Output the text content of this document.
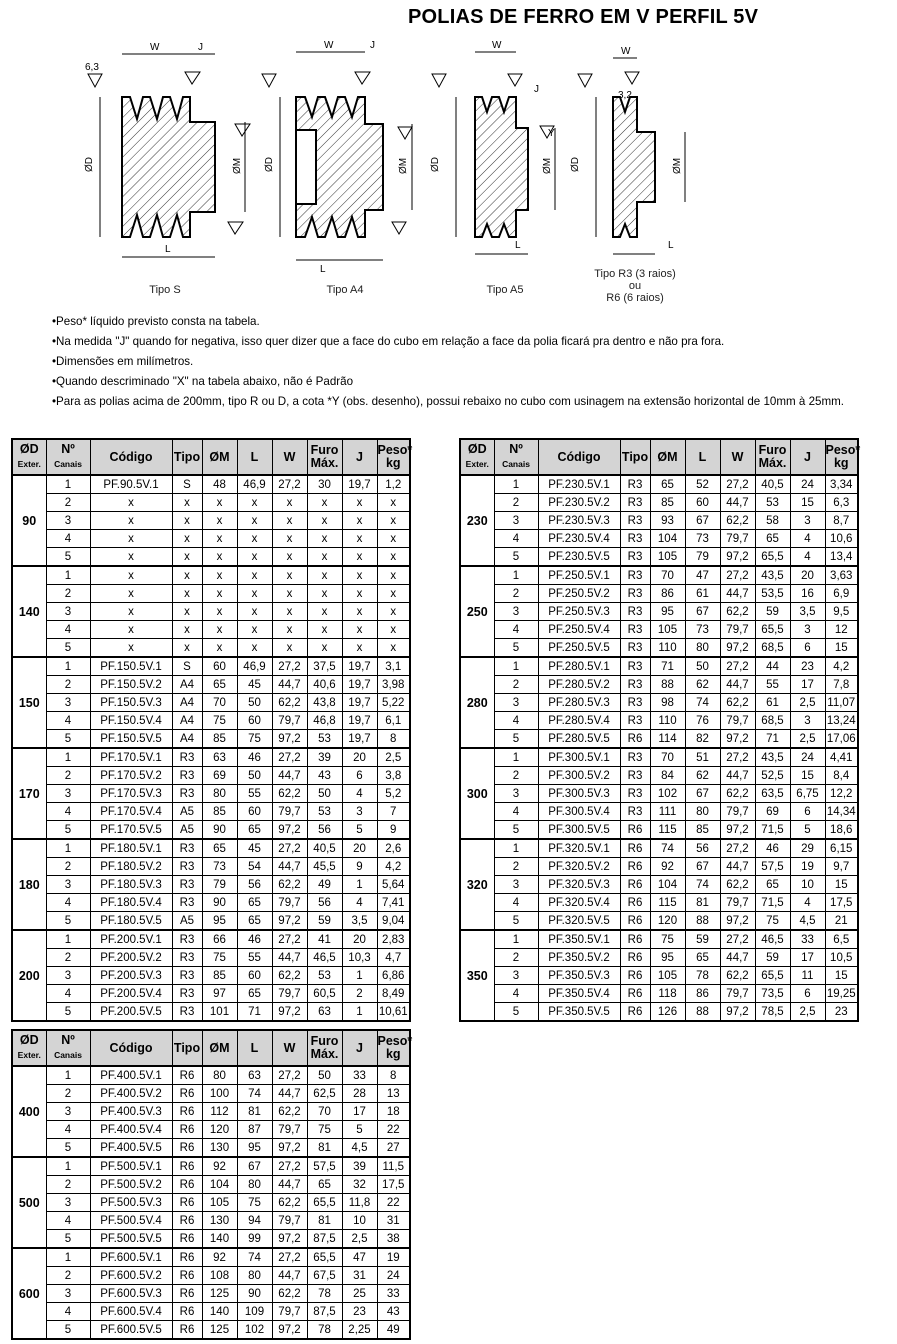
POLIAS DE FERRO EM V PERFIL 5V
W	J
ØD	ØM
L
6,3
W	J
ØD	ØM
L
W
J
Y
ØD	ØM
L
W
ØD	ØM
L
3,2
Tipo S	Tipo A4	Tipo A5
Tipo R3 (3 raios)
ou
R6 (6 raios)

•Peso* líquido previsto consta na tabela.

•Na medida "J" quando for negativa, isso quer dizer que a face do cubo em relação a face da polia ficará pra dentro e não pra fora.

•Dimensões em milímetros.

•Quando descriminado "X" na tabela abaixo, não é Padrão

•Para as polias acima de 200mm, tipo R ou D, a cota *Y (obs. desenho), possui rebaixo no cubo com usinagem na extensão horizontal de 10mm à 25mm.

ØD
Exter.	Nº
Canais	Código	Tipo	ØM	L	W	Furo
Máx.	J	Peso*
kg

90	1	PF.90.5V.1	S	48	46,9	27,2	30	19,7	1,2
	2	x	x	x	x	x	x	x	x
	3	x	x	x	x	x	x	x	x
	4	x	x	x	x	x	x	x	x
	5	x	x	x	x	x	x	x	x
140	1	x	x	x	x	x	x	x	x
	2	x	x	x	x	x	x	x	x
	3	x	x	x	x	x	x	x	x
	4	x	x	x	x	x	x	x	x
	5	x	x	x	x	x	x	x	x
150	1	PF.150.5V.1	S	60	46,9	27,2	37,5	19,7	3,1
	2	PF.150.5V.2	A4	65	45	44,7	40,6	19,7	3,98
	3	PF.150.5V.3	A4	70	50	62,2	43,8	19,7	5,22
	4	PF.150.5V.4	A4	75	60	79,7	46,8	19,7	6,1
	5	PF.150.5V.5	A4	85	75	97,2	53	19,7	8
170	1	PF.170.5V.1	R3	63	46	27,2	39	20	2,5
	2	PF.170.5V.2	R3	69	50	44,7	43	6	3,8
	3	PF.170.5V.3	R3	80	55	62,2	50	4	5,2
	4	PF.170.5V.4	A5	85	60	79,7	53	3	7
	5	PF.170.5V.5	A5	90	65	97,2	56	5	9
180	1	PF.180.5V.1	R3	65	45	27,2	40,5	20	2,6
	2	PF.180.5V.2	R3	73	54	44,7	45,5	9	4,2
	3	PF.180.5V.3	R3	79	56	62,2	49	1	5,64
	4	PF.180.5V.4	R3	90	65	79,7	56	4	7,41
	5	PF.180.5V.5	A5	95	65	97,2	59	3,5	9,04
200	1	PF.200.5V.1	R3	66	46	27,2	41	20	2,83
	2	PF.200.5V.2	R3	75	55	44,7	46,5	10,3	4,7
	3	PF.200.5V.3	R3	85	60	62,2	53	1	6,86
	4	PF.200.5V.4	R3	97	65	79,7	60,5	2	8,49
	5	PF.200.5V.5	R3	101	71	97,2	63	1	10,61
ØD
Exter.	Nº
Canais	Código	Tipo	ØM	L	W	Furo
Máx.	J	Peso*
kg

230	1	PF.230.5V.1	R3	65	52	27,2	40,5	24	3,34
	2	PF.230.5V.2	R3	85	60	44,7	53	15	6,3
	3	PF.230.5V.3	R3	93	67	62,2	58	3	8,7
	4	PF.230.5V.4	R3	104	73	79,7	65	4	10,6
	5	PF.230.5V.5	R3	105	79	97,2	65,5	4	13,4
250	1	PF.250.5V.1	R3	70	47	27,2	43,5	20	3,63
	2	PF.250.5V.2	R3	86	61	44,7	53,5	16	6,9
	3	PF.250.5V.3	R3	95	67	62,2	59	3,5	9,5
	4	PF.250.5V.4	R3	105	73	79,7	65,5	3	12
	5	PF.250.5V.5	R3	110	80	97,2	68,5	6	15
280	1	PF.280.5V.1	R3	71	50	27,2	44	23	4,2
	2	PF.280.5V.2	R3	88	62	44,7	55	17	7,8
	3	PF.280.5V.3	R3	98	74	62,2	61	2,5	11,07
	4	PF.280.5V.4	R3	110	76	79,7	68,5	3	13,24
	5	PF.280.5V.5	R6	114	82	97,2	71	2,5	17,06
300	1	PF.300.5V.1	R3	70	51	27,2	43,5	24	4,41
	2	PF.300.5V.2	R3	84	62	44,7	52,5	15	8,4
	3	PF.300.5V.3	R3	102	67	62,2	63,5	6,75	12,2
	4	PF.300.5V.4	R3	111	80	79,7	69	6	14,34
	5	PF.300.5V.5	R6	115	85	97,2	71,5	5	18,6
320	1	PF.320.5V.1	R6	74	56	27,2	46	29	6,15
	2	PF.320.5V.2	R6	92	67	44,7	57,5	19	9,7
	3	PF.320.5V.3	R6	104	74	62,2	65	10	15
	4	PF.320.5V.4	R6	115	81	79,7	71,5	4	17,5
	5	PF.320.5V.5	R6	120	88	97,2	75	4,5	21
350	1	PF.350.5V.1	R6	75	59	27,2	46,5	33	6,5
	2	PF.350.5V.2	R6	95	65	44,7	59	17	10,5
	3	PF.350.5V.3	R6	105	78	62,2	65,5	11	15
	4	PF.350.5V.4	R6	118	86	79,7	73,5	6	19,25
	5	PF.350.5V.5	R6	126	88	97,2	78,5	2,5	23
ØD
Exter.	Nº
Canais	Código	Tipo	ØM	L	W	Furo
Máx.	J	Peso*
kg

400	1	PF.400.5V.1	R6	80	63	27,2	50	33	8
	2	PF.400.5V.2	R6	100	74	44,7	62,5	28	13
	3	PF.400.5V.3	R6	112	81	62,2	70	17	18
	4	PF.400.5V.4	R6	120	87	79,7	75	5	22
	5	PF.400.5V.5	R6	130	95	97,2	81	4,5	27
500	1	PF.500.5V.1	R6	92	67	27,2	57,5	39	11,5
	2	PF.500.5V.2	R6	104	80	44,7	65	32	17,5
	3	PF.500.5V.3	R6	105	75	62,2	65,5	11,8	22
	4	PF.500.5V.4	R6	130	94	79,7	81	10	31
	5	PF.500.5V.5	R6	140	99	97,2	87,5	2,5	38
600	1	PF.600.5V.1	R6	92	74	27,2	65,5	47	19
	2	PF.600.5V.2	R6	108	80	44,7	67,5	31	24
	3	PF.600.5V.3	R6	125	90	62,2	78	25	33
	4	PF.600.5V.4	R6	140	109	79,7	87,5	23	43
	5	PF.600.5V.5	R6	125	102	97,2	78	2,25	49
